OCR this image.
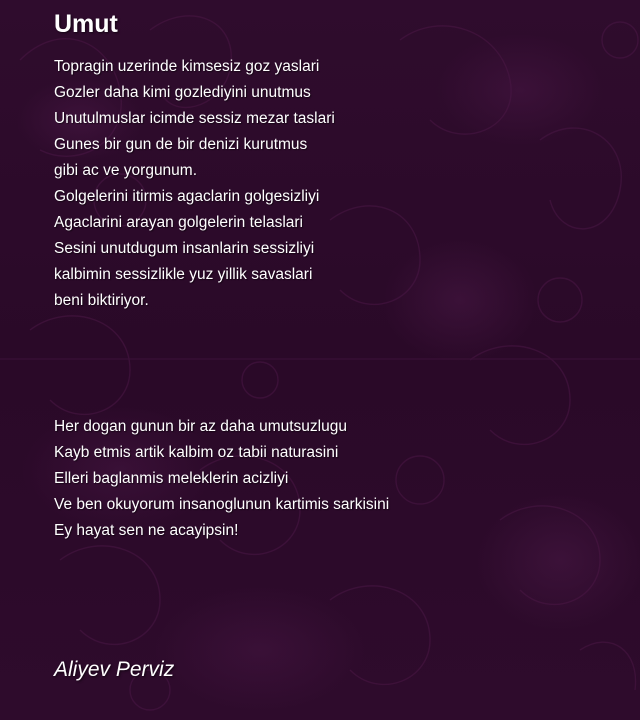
Umut
Topragin uzerinde kimsesiz goz yaslari
Gozler daha kimi gozlediyini unutmus
Unutulmuslar icimde sessiz mezar taslari
Gunes bir gun de bir denizi kurutmus
gibi ac ve yorgunum.
Golgelerini itirmis agaclarin golgesizliyi
Agaclarini arayan golgelerin telaslari
Sesini unutdugum insanlarin sessizliyi
kalbimin sessizlikle yuz yillik savaslari
beni biktiriyor.
Her dogan gunun bir az daha umutsuzlugu
Kayb etmis artik kalbim oz tabii naturasini
Elleri baglanmis meleklerin acizliyi
Ve ben okuyorum insanoglunun kartimis sarkisini
Ey hayat sen ne acayipsin!

Aliyev Perviz
